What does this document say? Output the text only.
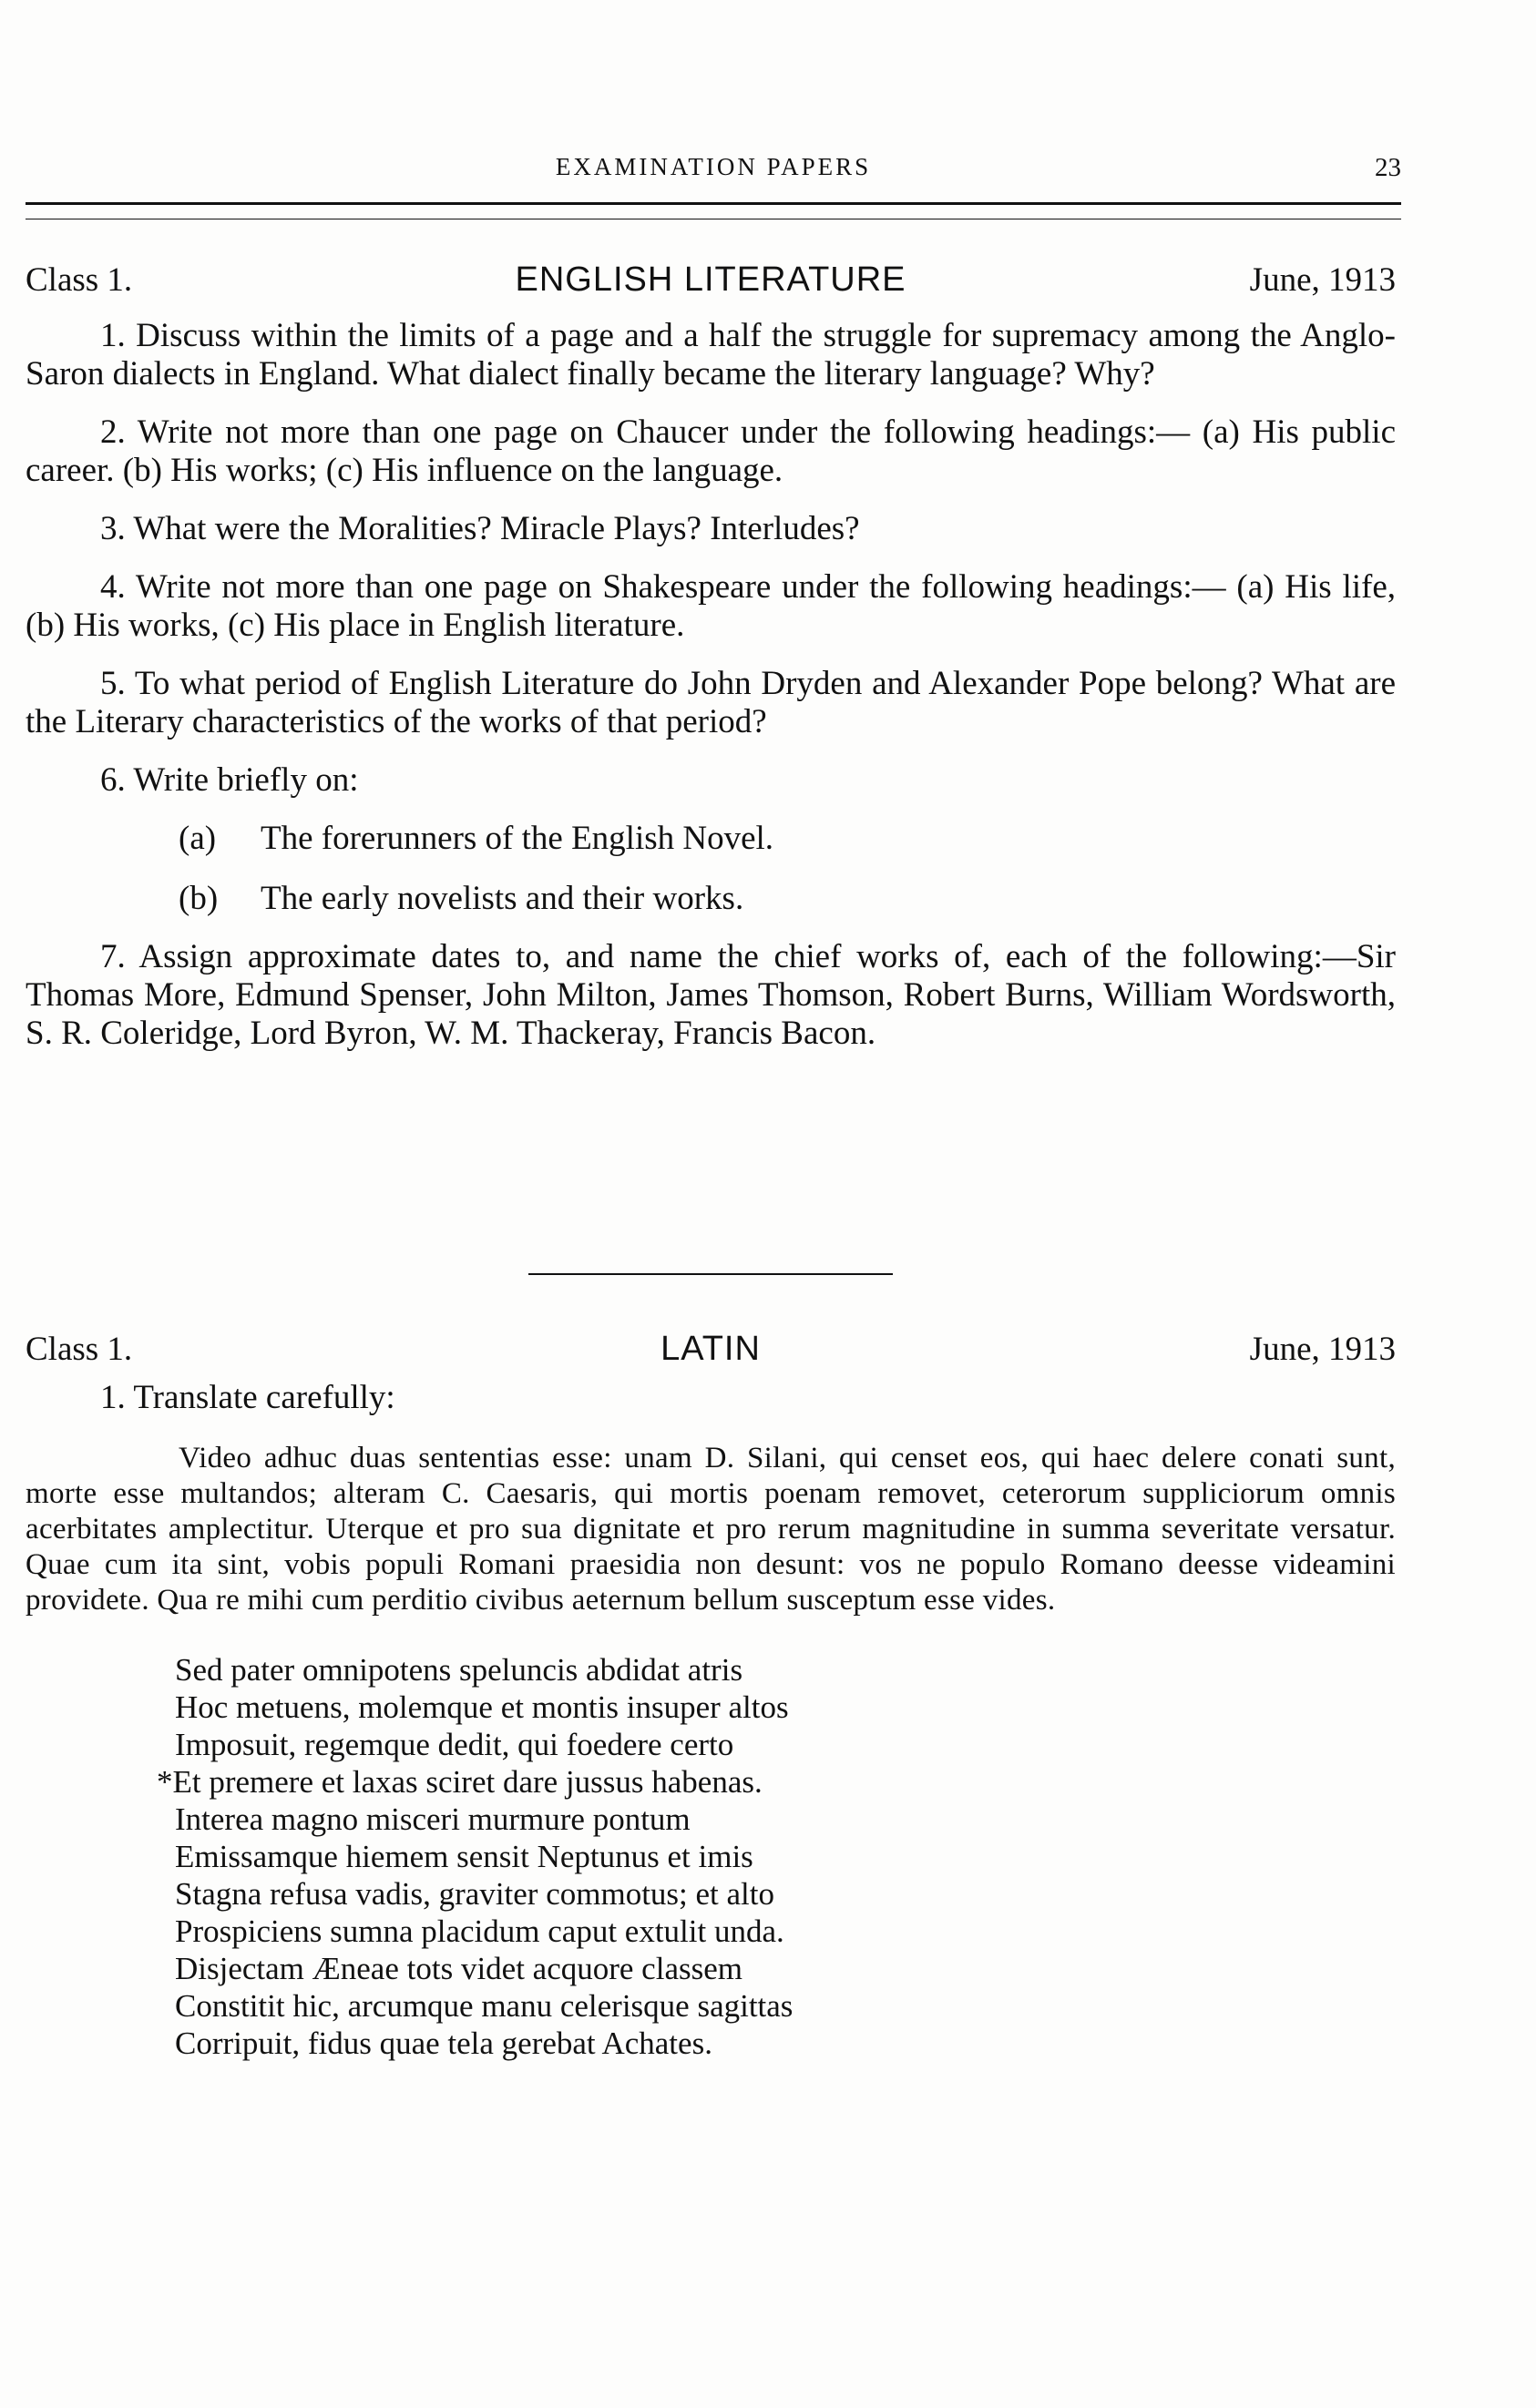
EXAMINATION PAPERS	23
Class 1.	ENGLISH LITERATURE	June, 1913

1. Discuss within the limits of a page and a half the struggle for supremacy among the Anglo-Saron dialects in England. What dialect finally became the literary language? Why?

2. Write not more than one page on Chaucer under the following headings:— (a) His public career. (b) His works; (c) His influence on the language.

3. What were the Moralities? Miracle Plays? Interludes?

4. Write not more than one page on Shakespeare under the following headings:— (a) His life, (b) His works, (c) His place in English literature.

5. To what period of English Literature do John Dryden and Alexander Pope belong? What are the Literary characteristics of the works of that period?

6. Write briefly on:

(a) The forerunners of the English Novel.

(b) The early novelists and their works.

7. Assign approximate dates to, and name the chief works of, each of the following:—Sir Thomas More, Edmund Spenser, John Milton, James Thomson, Robert Burns, William Wordsworth, S. R. Coleridge, Lord Byron, W. M. Thackeray, Francis Bacon.

Class 1.	LATIN	June, 1913

1. Translate carefully:

Video adhuc duas sententias esse: unam D. Silani, qui censet eos, qui haec delere conati sunt, morte esse multandos; alteram C. Caesaris, qui mortis poenam removet, ceterorum suppliciorum omnis acerbitates amplectitur. Uterque et pro sua dignitate et pro rerum magnitudine in summa severitate versatur. Quae cum ita sint, vobis populi Romani praesidia non desunt: vos ne populo Romano deesse videamini providete. Qua re mihi cum perditio civibus aeternum bellum susceptum esse vides.

Sed pater omnipotens speluncis abdidat atris
Hoc metuens, molemque et montis insuper altos
Imposuit, regemque dedit, qui foedere certo
*Et premere et laxas sciret dare jussus habenas.
Interea magno misceri murmure pontum
Emissamque hiemem sensit Neptunus et imis
Stagna refusa vadis, graviter commotus; et alto
Prospiciens sumna placidum caput extulit unda.
Disjectam Æneae tots videt acquore classem
Constitit hic, arcumque manu celerisque sagittas
Corripuit, fidus quae tela gerebat Achates.
